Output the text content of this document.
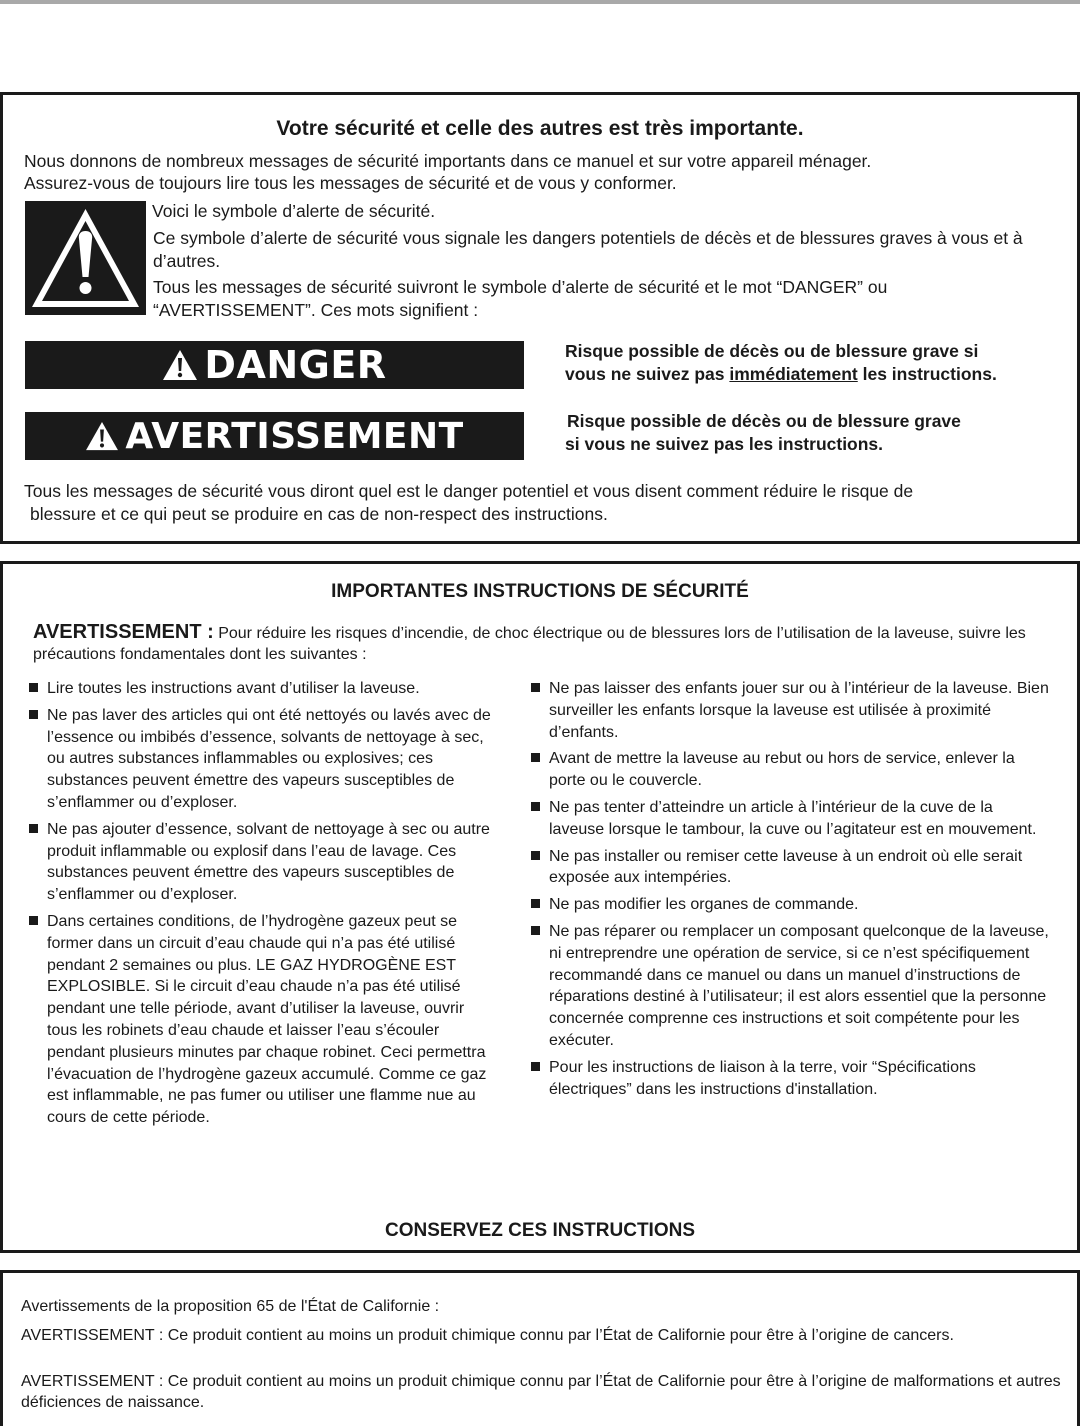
Votre sécurité et celle des autres est très importante.

Nous donnons de nombreux messages de sécurité importants dans ce manuel et sur votre appareil ménager.

Assurez-vous de toujours lire tous les messages de sécurité et de vous y conformer.

Voici le symbole d’alerte de sécurité.

Ce symbole d’alerte de sécurité vous signale les dangers potentiels de décès et de blessures graves à vous et à d’autres.

Tous les messages de sécurité suivront le symbole d’alerte de sécurité et le mot “DANGER” ou “AVERTISSEMENT”. Ces mots signifient :

DANGER	Risque possible de décès ou de blessure grave si
vous ne suivez pas immédiatement les instructions.
AVERTISSEMENT	Risque possible de décès ou de blessure grave
si vous ne suivez pas les instructions.

Tous les messages de sécurité vous diront quel est le danger potentiel et vous disent comment réduire le risque de

blessure et ce qui peut se produire en cas de non-respect des instructions.

IMPORTANTES INSTRUCTIONS DE SÉCURITÉ

AVERTISSEMENT : Pour réduire les risques d’incendie, de choc électrique ou de blessures lors de l’utilisation de la laveuse, suivre les précautions fondamentales dont les suivantes :

Lire toutes les instructions avant d’utiliser la laveuse.
Ne pas laver des articles qui ont été nettoyés ou lavés avec de l’essence ou imbibés d’essence, solvants de nettoyage à sec, ou autres substances inflammables ou explosives; ces substances peuvent émettre des vapeurs susceptibles de s’enflammer ou d’exploser.
Ne pas ajouter d’essence, solvant de nettoyage à sec ou autre produit inflammable ou explosif dans l’eau de lavage. Ces substances peuvent émettre des vapeurs susceptibles de s’enflammer ou d’exploser.
Dans certaines conditions, de l’hydrogène gazeux peut se former dans un circuit d’eau chaude qui n’a pas été utilisé pendant 2 semaines ou plus. LE GAZ HYDROGÈNE EST EXPLOSIBLE. Si le circuit d’eau chaude n’a pas été utilisé pendant une telle période, avant d’utiliser la laveuse, ouvrir tous les robinets d’eau chaude et laisser l’eau s’écouler pendant plusieurs minutes par chaque robinet. Ceci permettra l’évacuation de l’hydrogène gazeux accumulé. Comme ce gaz est inflammable, ne pas fumer ou utiliser une flamme nue au cours de cette période.
Ne pas laisser des enfants jouer sur ou à l’intérieur de la laveuse. Bien surveiller les enfants lorsque la laveuse est utilisée à proximité d’enfants.
Avant de mettre la laveuse au rebut ou hors de service, enlever la porte ou le couvercle.
Ne pas tenter d’atteindre un article à l’intérieur de la cuve de la laveuse lorsque le tambour, la cuve ou l’agitateur est en mouvement.
Ne pas installer ou remiser cette laveuse à un endroit où elle serait exposée aux intempéries.
Ne pas modifier les organes de commande.
Ne pas réparer ou remplacer un composant quelconque de la laveuse, ni entreprendre une opération de service, si ce n’est spécifiquement recommandé dans ce manuel ou dans un manuel d’instructions de réparations destiné à l’utilisateur; il est alors essentiel que la personne concernée comprenne ces instructions et soit compétente pour les exécuter.
Pour les instructions de liaison à la terre, voir “Spécifications électriques” dans les instructions d'installation.
CONSERVEZ CES INSTRUCTIONS

Avertissements de la proposition 65 de l'État de Californie :

AVERTISSEMENT : Ce produit contient au moins un produit chimique connu par l’État de Californie pour être à l’origine de cancers.

AVERTISSEMENT : Ce produit contient au moins un produit chimique connu par l’État de Californie pour être à l’origine de malformations et autres déficiences de naissance.
